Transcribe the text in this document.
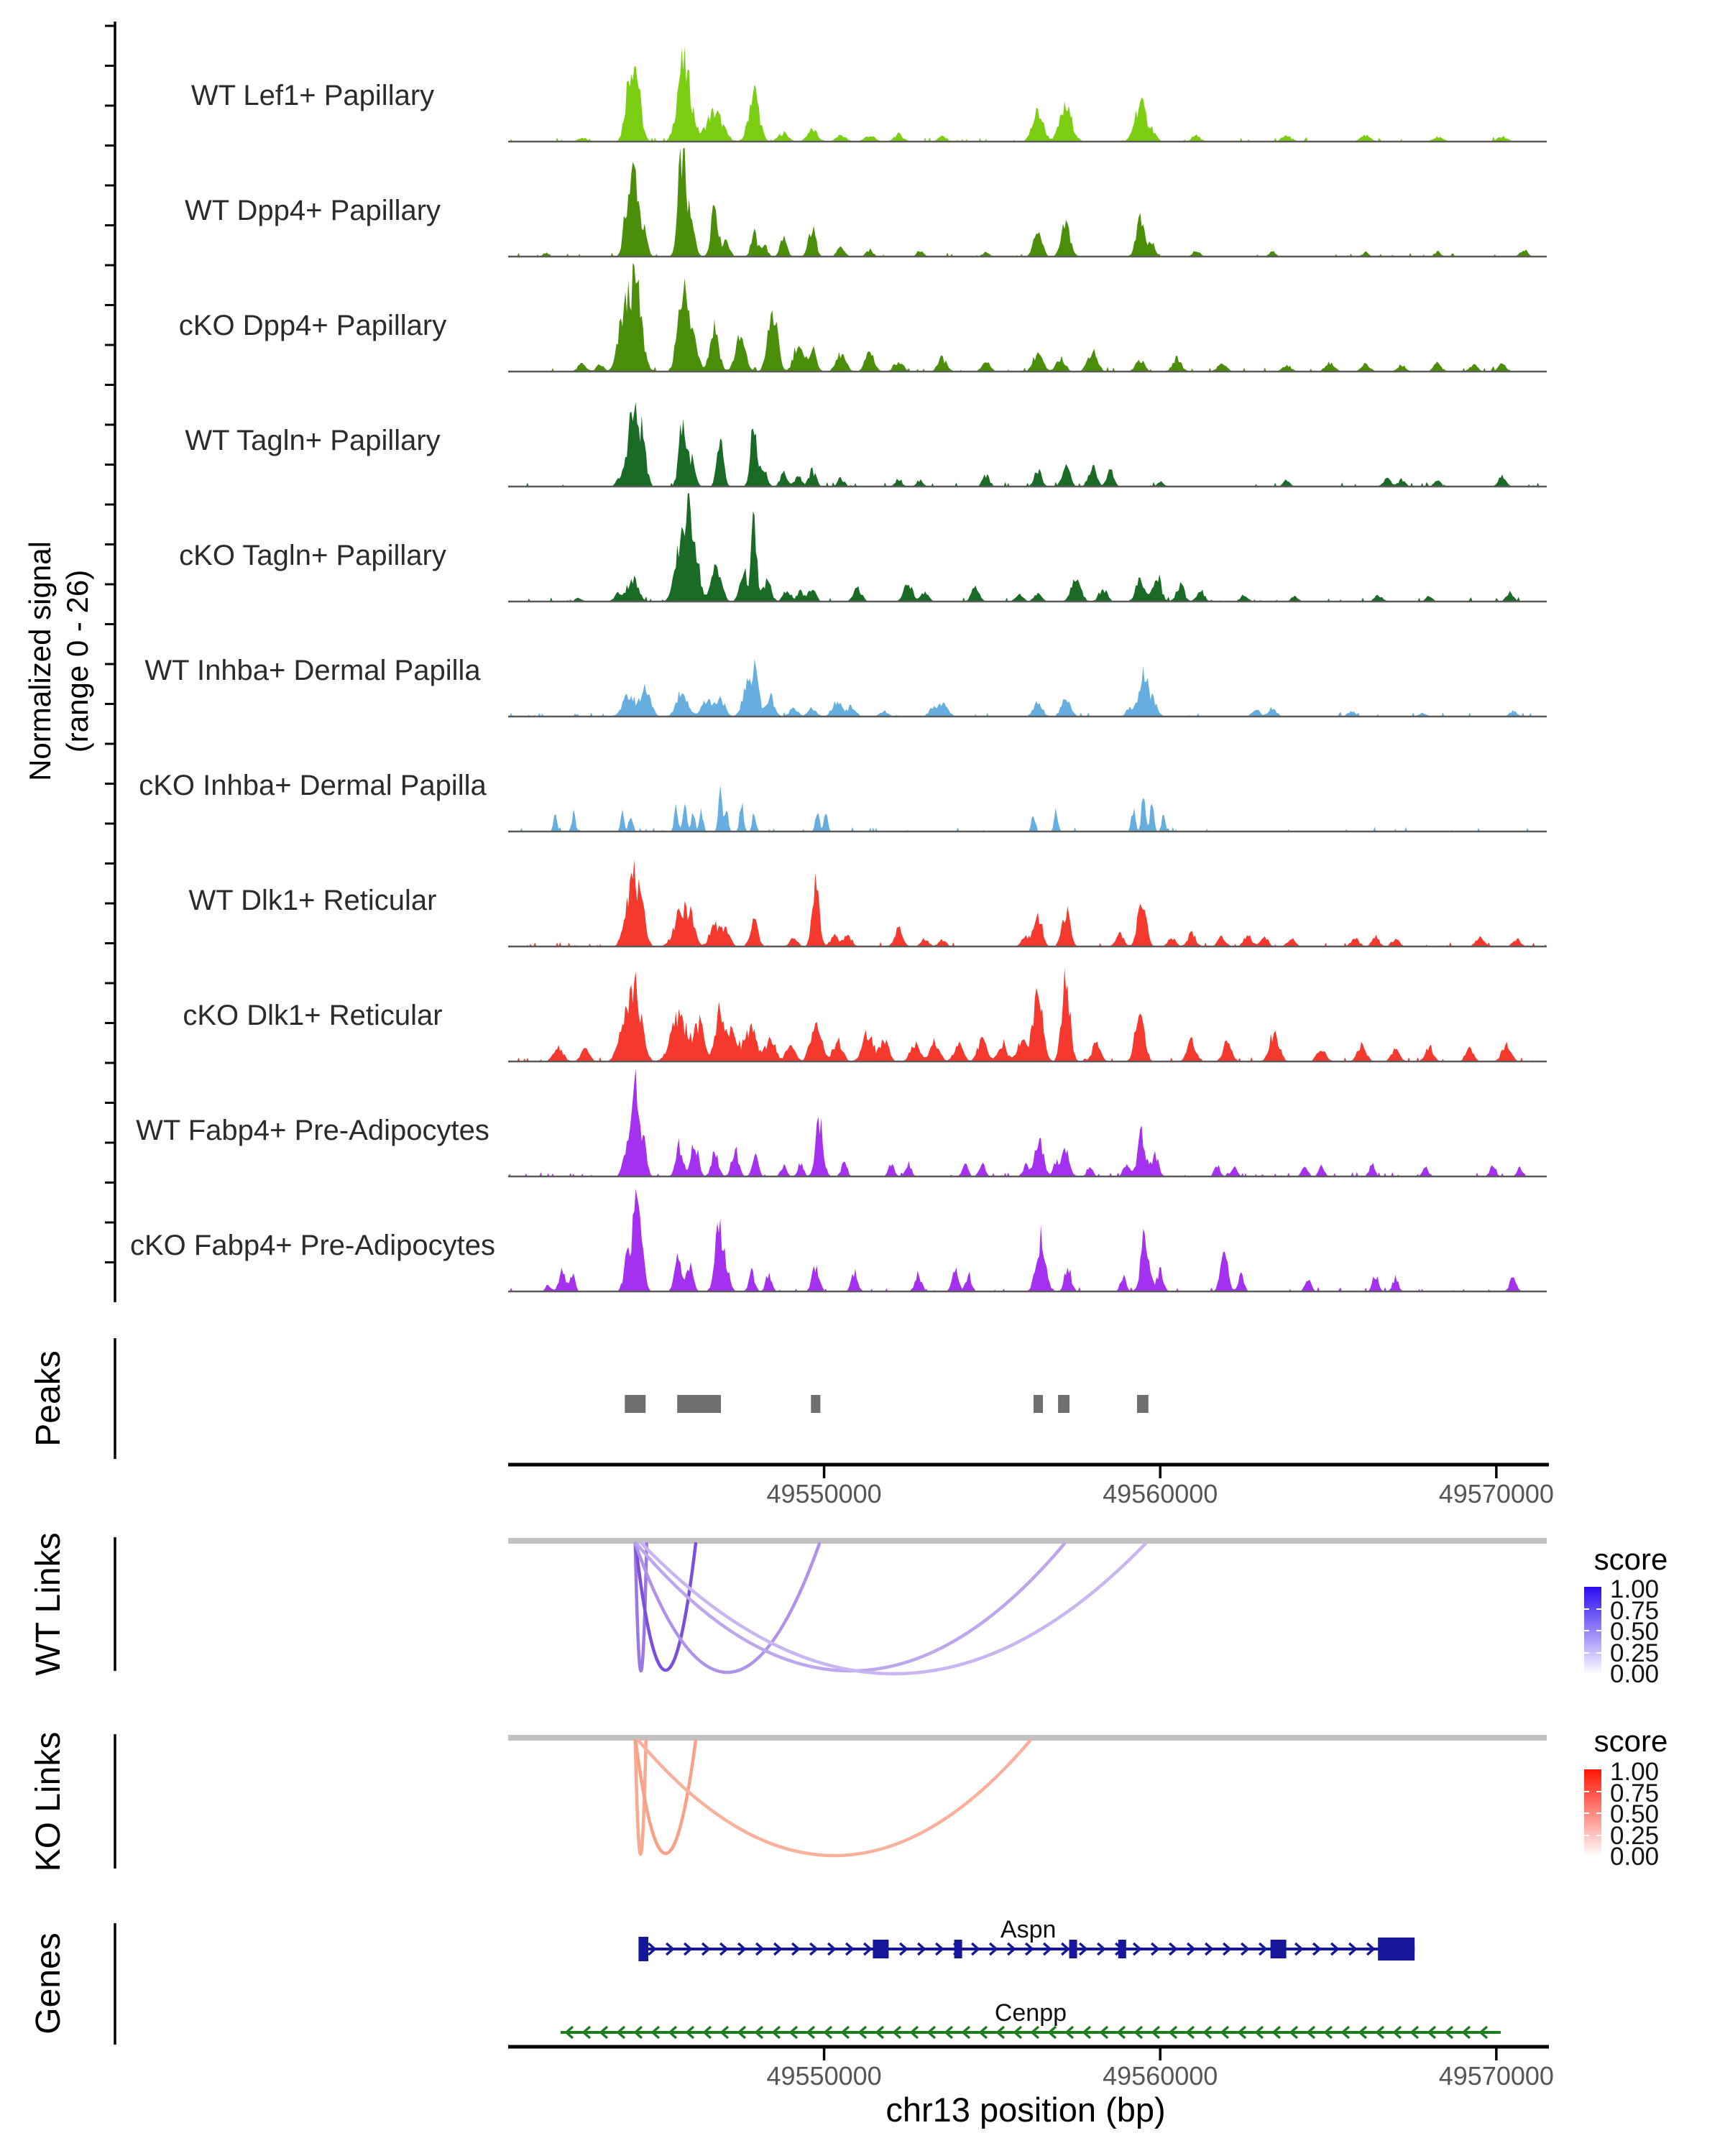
Normalized signal (range 0 - 26)
Peaks
WT Links
KO Links
Genes
score
score
chr13 position (bp)
WT Lef1+ Papillary
WT Dpp4+ Papillary
cKO Dpp4+ Papillary
WT Tagln+ Papillary
cKO Tagln+ Papillary
WT Inhba+ Dermal Papilla
cKO Inhba+ Dermal Papilla
WT Dlk1+ Reticular
cKO Dlk1+ Reticular
WT Fabp4+ Pre-Adipocytes
cKO Fabp4+ Pre-Adipocytes
49550000	49560000	49570000
49550000	49560000	49570000
1.00
0.75
0.50
0.25
0.00
1.00
0.75
0.50
0.25
0.00
Aspn
Cenpp
